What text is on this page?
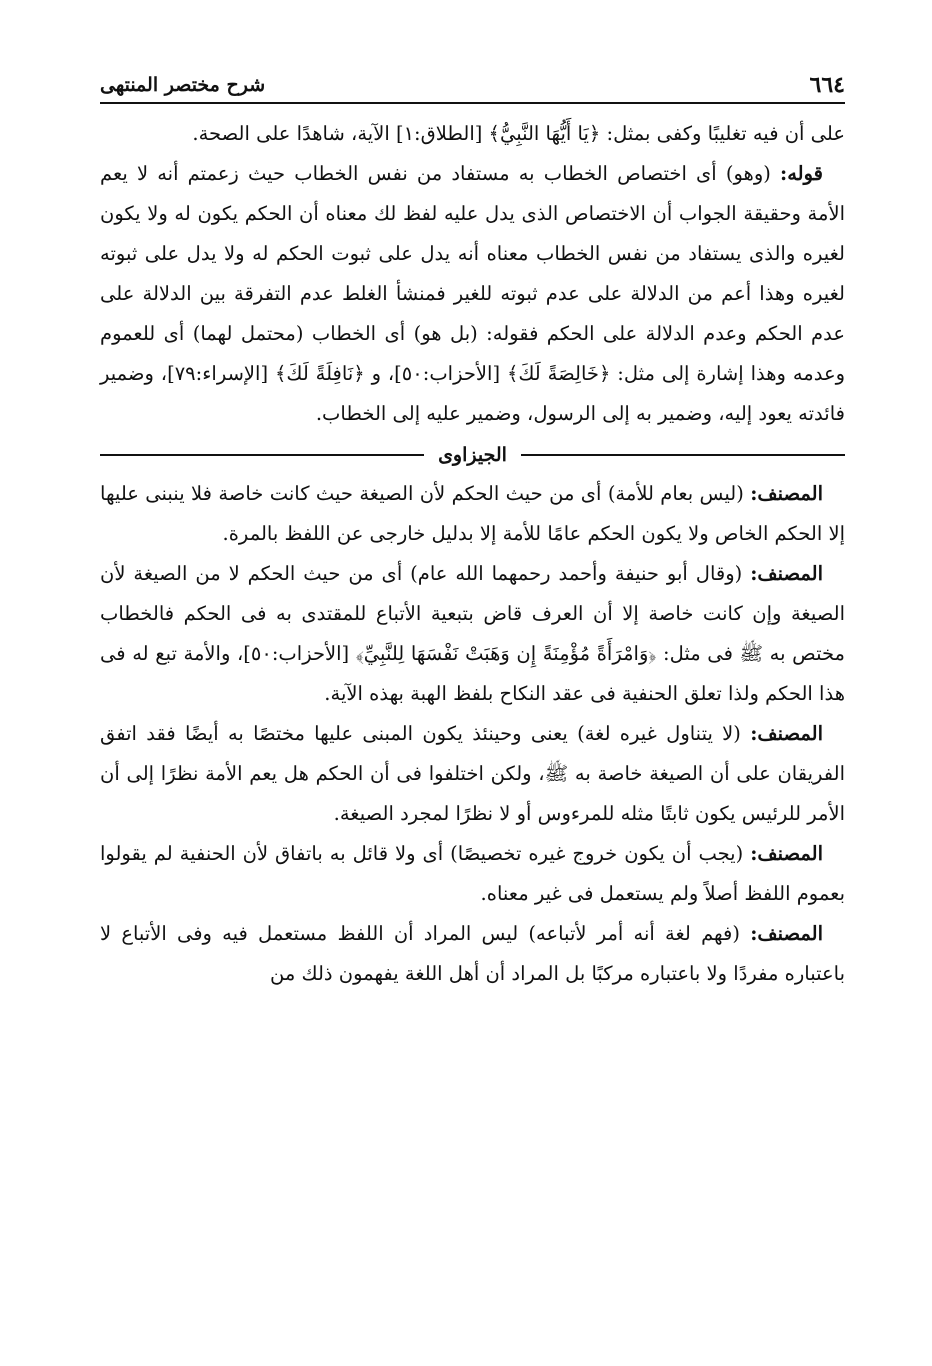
٦٦٤
شرح مختصر المنتهى

على أن فيه تغليبًا وكفى بمثل: ﴿يَا أَيُّهَا النَّبِيُّ﴾ [الطلاق:١] الآية، شاهدًا على الصحة.

قوله: (وهو) أى اختصاص الخطاب به مستفاد من نفس الخطاب حيث زعمتم أنه لا يعم الأمة وحقيقة الجواب أن الاختصاص الذى يدل عليه لفظ لك معناه أن الحكم يكون له ولا يكون لغيره والذى يستفاد من نفس الخطاب معناه أنه يدل على ثبوت الحكم له ولا يدل على ثبوته لغيره وهذا أعم من الدلالة على عدم ثبوته للغير فمنشأ الغلط عدم التفرقة بين الدلالة على عدم الحكم وعدم الدلالة على الحكم فقوله: (بل هو) أى الخطاب (محتمل لهما) أى للعموم وعدمه وهذا إشارة إلى مثل: ﴿خَالِصَةً لَكَ﴾ [الأحزاب:٥٠]، و ﴿نَافِلَةً لَكَ﴾ [الإسراء:٧٩]، وضمير فائدته يعود إليه، وضمير به إلى الرسول، وضمير عليه إلى الخطاب.

الجيزاوى

المصنف: (ليس بعام للأمة) أى من حيث الحكم لأن الصيغة حيث كانت خاصة فلا ينبنى عليها إلا الحكم الخاص ولا يكون الحكم عامًا للأمة إلا بدليل خارجى عن اللفظ بالمرة.

المصنف: (وقال أبو حنيفة وأحمد رحمهما الله عام) أى من حيث الحكم لا من الصيغة لأن الصيغة وإن كانت خاصة إلا أن العرف قاض بتبعية الأتباع للمقتدى به فى الحكم فالخطاب مختص به ﷺ فى مثل: ﴿وَامْرَأَةً مُؤْمِنَةً إِن وَهَبَتْ نَفْسَهَا لِلنَّبِيِّ﴾ [الأحزاب:٥٠]، والأمة تبع له فى هذا الحكم ولذا تعلق الحنفية فى عقد النكاح بلفظ الهبة بهذه الآية.

المصنف: (لا يتناول غيره لغة) يعنى وحينئذ يكون المبنى عليها مختصًا به أيضًا فقد اتفق الفريقان على أن الصيغة خاصة به ﷺ، ولكن اختلفوا فى أن الحكم هل يعم الأمة نظرًا إلى أن الأمر للرئيس يكون ثابتًا مثله للمرءوس أو لا نظرًا لمجرد الصيغة.

المصنف: (يجب أن يكون خروج غيره تخصيصًا) أى ولا قائل به باتفاق لأن الحنفية لم يقولوا بعموم اللفظ أصلاً ولم يستعمل فى غير معناه.

المصنف: (فهم لغة أنه أمر لأتباعه) ليس المراد أن اللفظ مستعمل فيه وفى الأتباع لا باعتباره مفردًا ولا باعتباره مركبًا بل المراد أن أهل اللغة يفهمون ذلك من
